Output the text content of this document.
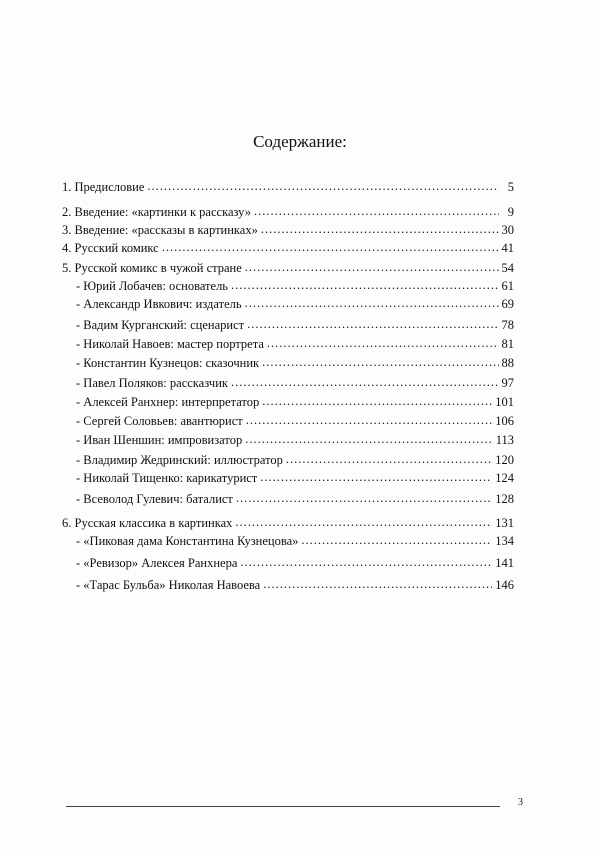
Содержание:
1. Предисловие .....	5
2. Введение: «картинки к рассказу» .....	9
3. Введение: «рассказы в картинках» .....	30
4. Русский комикс .....	41
5. Русской комикс в чужой стране .....	54
- Юрий Лобачев: основатель .....	61
- Александр Ивкович: издатель .....	69
- Вадим Курганский: сценарист .....	78
- Николай Навоев: мастер портрета .....	81
- Константин Кузнецов: сказочник .....	88
- Павел Поляков: рассказчик .....	97
- Алексей Ранхнер: интерпретатор .....	101
- Сергей Соловьев: авантюрист .....	106
- Иван Шеншин: импровизатор .....	113
- Владимир Жедринский: иллюстратор .....	120
- Николай Тищенко: карикатурист .....	124
- Всеволод Гулевич: баталист .....	128
6. Русская классика в картинках .....	131
- «Пиковая дама Константина Кузнецова» .....	134
- «Ревизор» Алексея Ранхнера .....	141
- «Тарас Бульба» Николая Навоева .....	146
3
